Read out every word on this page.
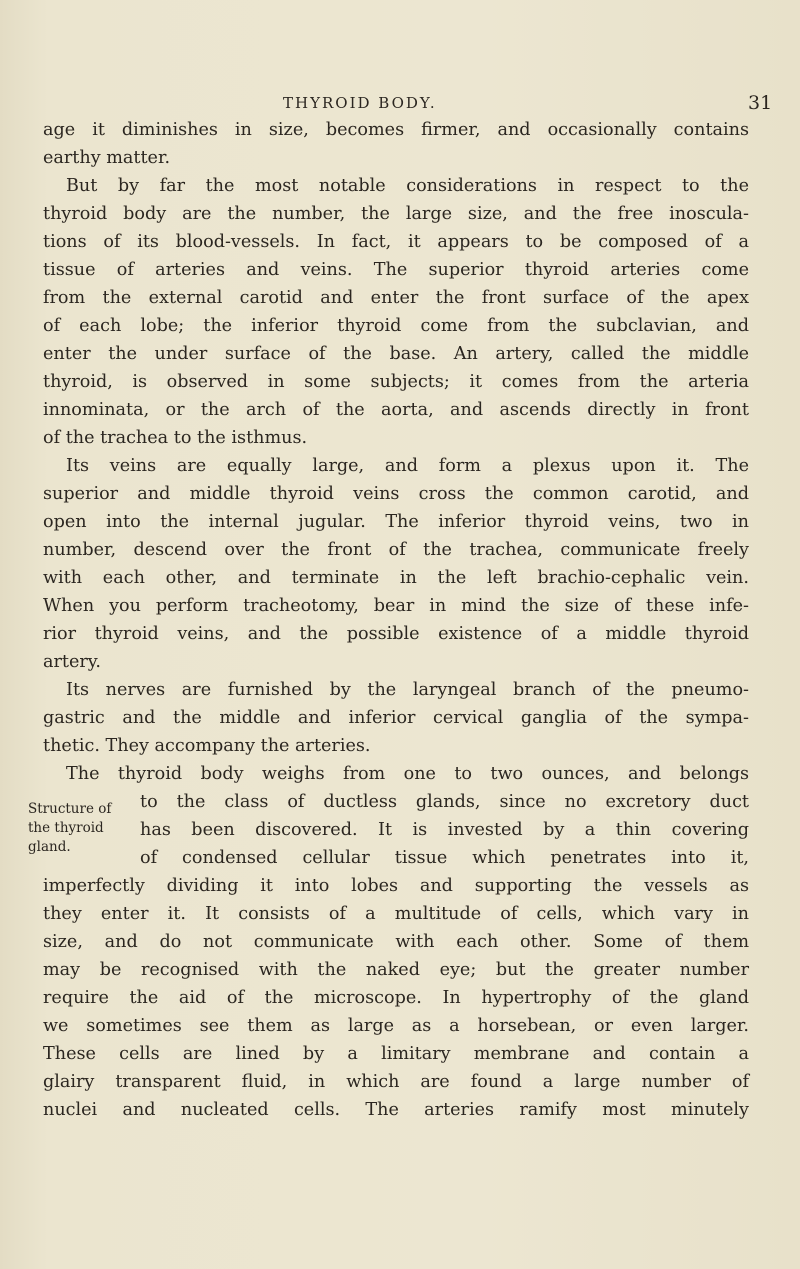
THYROID BODY.	31
age it diminishes in size, becomes firmer, and occasionally contains
earthy matter.
But by far the most notable considerations in respect to the
thyroid body are the number, the large size, and the free inoscula-
tions of its blood-vessels. In fact, it appears to be composed of a
tissue of arteries and veins. The superior thyroid arteries come
from the external carotid and enter the front surface of the apex
of each lobe; the inferior thyroid come from the subclavian, and
enter the under surface of the base. An artery, called the middle
thyroid, is observed in some subjects; it comes from the arteria
innominata, or the arch of the aorta, and ascends directly in front
of the trachea to the isthmus.
Its veins are equally large, and form a plexus upon it. The
superior and middle thyroid veins cross the common carotid, and
open into the internal jugular. The inferior thyroid veins, two in
number, descend over the front of the trachea, communicate freely
with each other, and terminate in the left brachio-cephalic vein.
When you perform tracheotomy, bear in mind the size of these infe-
rior thyroid veins, and the possible existence of a middle thyroid
artery.
Its nerves are furnished by the laryngeal branch of the pneumo-
gastric and the middle and inferior cervical ganglia of the sympa-
thetic. They accompany the arteries.
The thyroid body weighs from one to two ounces, and belongs
to the class of ductless glands, since no excretory duct
has been discovered. It is invested by a thin covering
of condensed cellular tissue which penetrates into it,
imperfectly dividing it into lobes and supporting the vessels as
they enter it. It consists of a multitude of cells, which vary in
size, and do not communicate with each other. Some of them
may be recognised with the naked eye; but the greater number
require the aid of the microscope. In hypertrophy of the gland
we sometimes see them as large as a horsebean, or even larger.
These cells are lined by a limitary membrane and contain a
glairy transparent fluid, in which are found a large number of
nuclei and nucleated cells. The arteries ramify most minutely
Structure of
the thyroid
gland.
